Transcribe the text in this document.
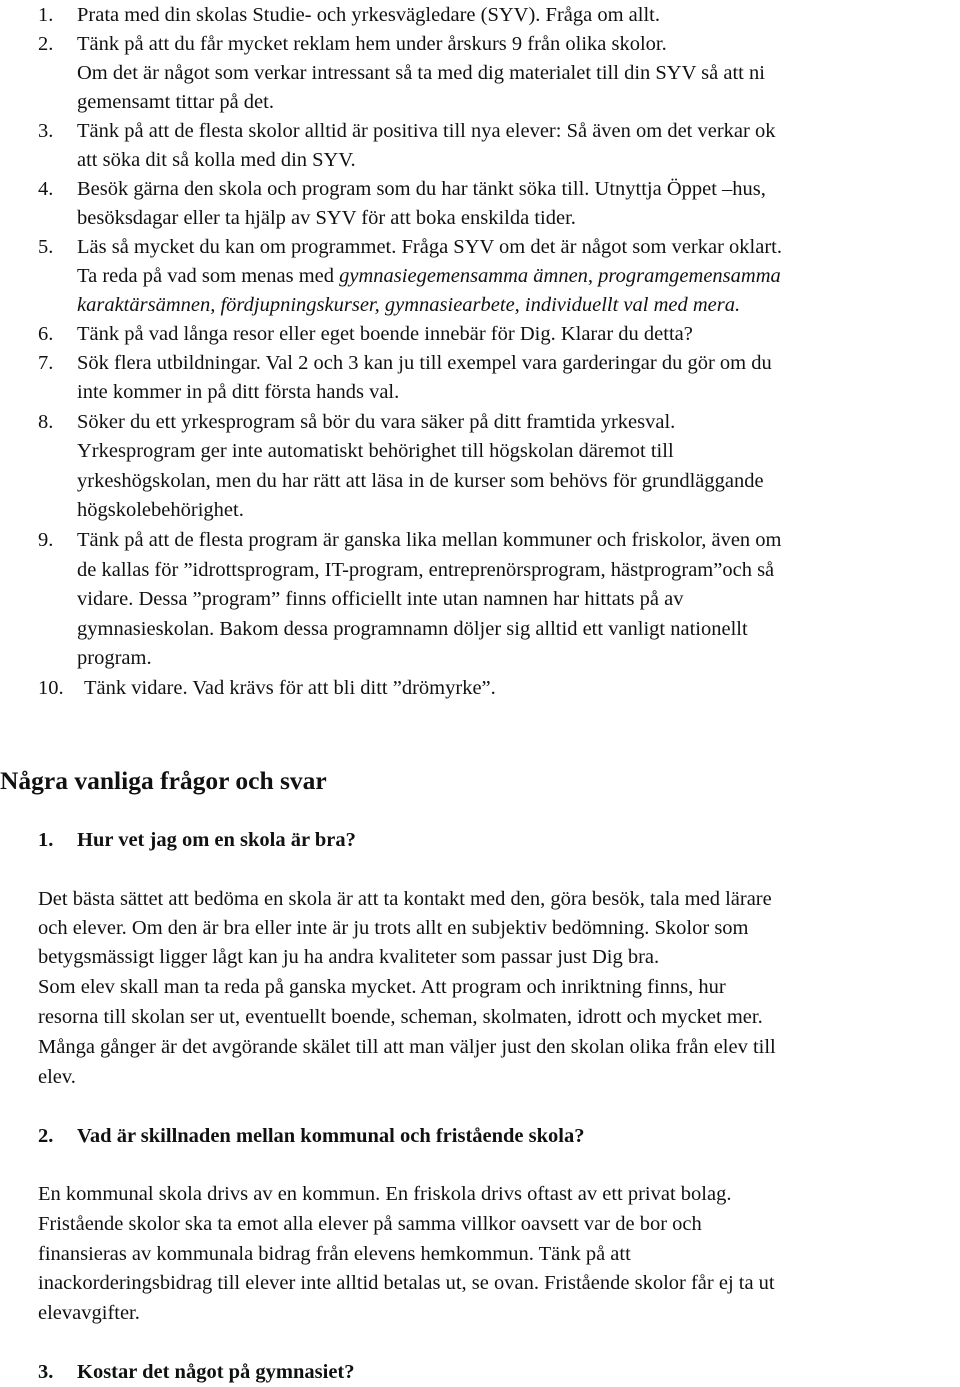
1. Prata med din skolas Studie- och yrkesvägledare (SYV). Fråga om allt.
2. Tänk på att du får mycket reklam hem under årskurs 9 från olika skolor.
Om det är något som verkar intressant så ta med dig materialet till din SYV så att ni
gemensamt tittar på det.
3. Tänk på att de flesta skolor alltid är positiva till nya elever: Så även om det verkar ok
att söka dit så kolla med din SYV.
4. Besök gärna den skola och program som du har tänkt söka till. Utnyttja Öppet –hus,
besöksdagar eller ta hjälp av SYV för att boka enskilda tider.
5. Läs så mycket du kan om programmet. Fråga SYV om det är något som verkar oklart.
Ta reda på vad som menas med gymnasiegemensamma ämnen, programgemensamma
karaktärsämnen, fördjupningskurser, gymnasiearbete, individuellt val med mera.
6. Tänk på vad långa resor eller eget boende innebär för Dig. Klarar du detta?
7. Sök flera utbildningar. Val 2 och 3 kan ju till exempel vara garderingar du gör om du
inte kommer in på ditt första hands val.
8. Söker du ett yrkesprogram så bör du vara säker på ditt framtida yrkesval.
Yrkesprogram ger inte automatiskt behörighet till högskolan däremot till
yrkeshögskolan, men du har rätt att läsa in de kurser som behövs för grundläggande
högskolebehörighet.
9. Tänk på att de flesta program är ganska lika mellan kommuner och friskolor, även om
de kallas för ”idrottsprogram, IT-program, entreprenörsprogram, hästprogram”och så
vidare. Dessa ”program” finns officiellt inte utan namnen har hittats på av
gymnasieskolan. Bakom dessa programnamn döljer sig alltid ett vanligt nationellt
program.
10. Tänk vidare. Vad krävs för att bli ditt ”drömyrke”.
Några vanliga frågor och svar
1. Hur vet jag om en skola är bra?
Det bästa sättet att bedöma en skola är att ta kontakt med den, göra besök, tala med lärare
och elever. Om den är bra eller inte är ju trots allt en subjektiv bedömning. Skolor som
betygsmässigt ligger lågt kan ju ha andra kvaliteter som passar just Dig bra.
Som elev skall man ta reda på ganska mycket. Att program och inriktning finns, hur
resorna till skolan ser ut, eventuellt boende, scheman, skolmaten, idrott och mycket mer.
Många gånger är det avgörande skälet till att man väljer just den skolan olika från elev till
elev.
2. Vad är skillnaden mellan kommunal och fristående skola?
En kommunal skola drivs av en kommun. En friskola drivs oftast av ett privat bolag.
Fristående skolor ska ta emot alla elever på samma villkor oavsett var de bor och
finansieras av kommunala bidrag från elevens hemkommun. Tänk på att
inackorderingsbidrag till elever inte alltid betalas ut, se ovan. Fristående skolor får ej ta ut
elevavgifter.
3. Kostar det något på gymnasiet?
